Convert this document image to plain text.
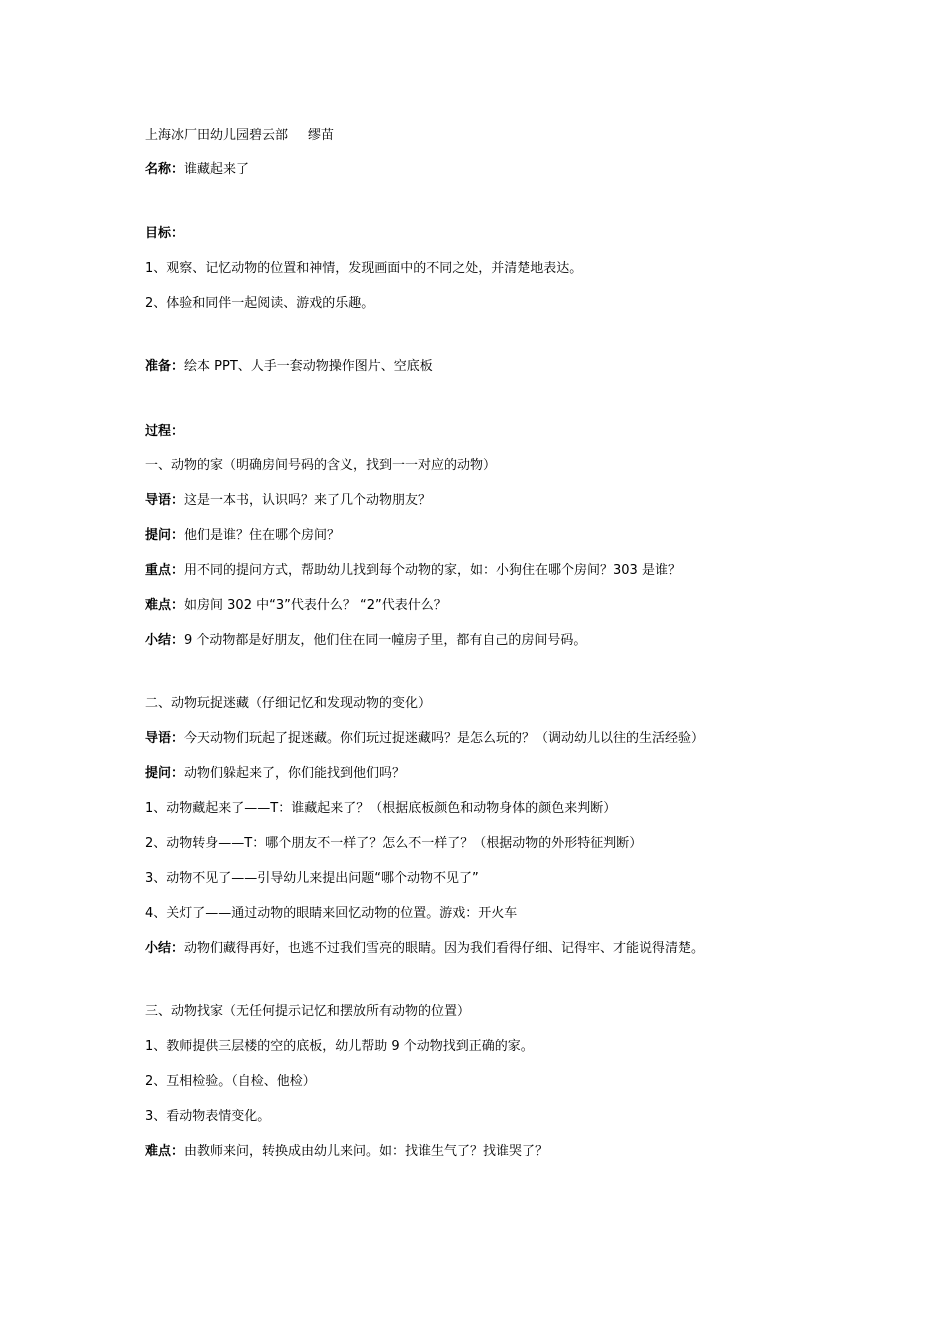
上海冰厂田幼儿园碧云部 缪苗
名称：谁藏起来了
目标：
1、观察、记忆动物的位置和神情，发现画面中的不同之处，并清楚地表达。
2、体验和同伴一起阅读、游戏的乐趣。
准备：绘本 PPT、人手一套动物操作图片、空底板
过程：
一、动物的家（明确房间号码的含义，找到一一对应的动物）
导语：这是一本书，认识吗？来了几个动物朋友？
提问：他们是谁？住在哪个房间？
重点：用不同的提问方式，帮助幼儿找到每个动物的家，如：小狗住在哪个房间？303 是谁？
难点：如房间 302 中“3”代表什么？ “2”代表什么？
小结：9 个动物都是好朋友，他们住在同一幢房子里，都有自己的房间号码。
二、动物玩捉迷藏（仔细记忆和发现动物的变化）
导语：今天动物们玩起了捉迷藏。你们玩过捉迷藏吗？是怎么玩的？（调动幼儿以往的生活经验）
提问：动物们躲起来了，你们能找到他们吗？
1、动物藏起来了——T：谁藏起来了？（根据底板颜色和动物身体的颜色来判断）
2、动物转身——T：哪个朋友不一样了？怎么不一样了？（根据动物的外形特征判断）
3、动物不见了——引导幼儿来提出问题“哪个动物不见了”
4、关灯了——通过动物的眼睛来回忆动物的位置。游戏：开火车
小结：动物们藏得再好，也逃不过我们雪亮的眼睛。因为我们看得仔细、记得牢、才能说得清楚。
三、动物找家（无任何提示记忆和摆放所有动物的位置）
1、教师提供三层楼的空的底板，幼儿帮助 9 个动物找到正确的家。
2、互相检验。（自检、他检）
3、看动物表情变化。
难点：由教师来问，转换成由幼儿来问。如：找谁生气了？找谁哭了？
